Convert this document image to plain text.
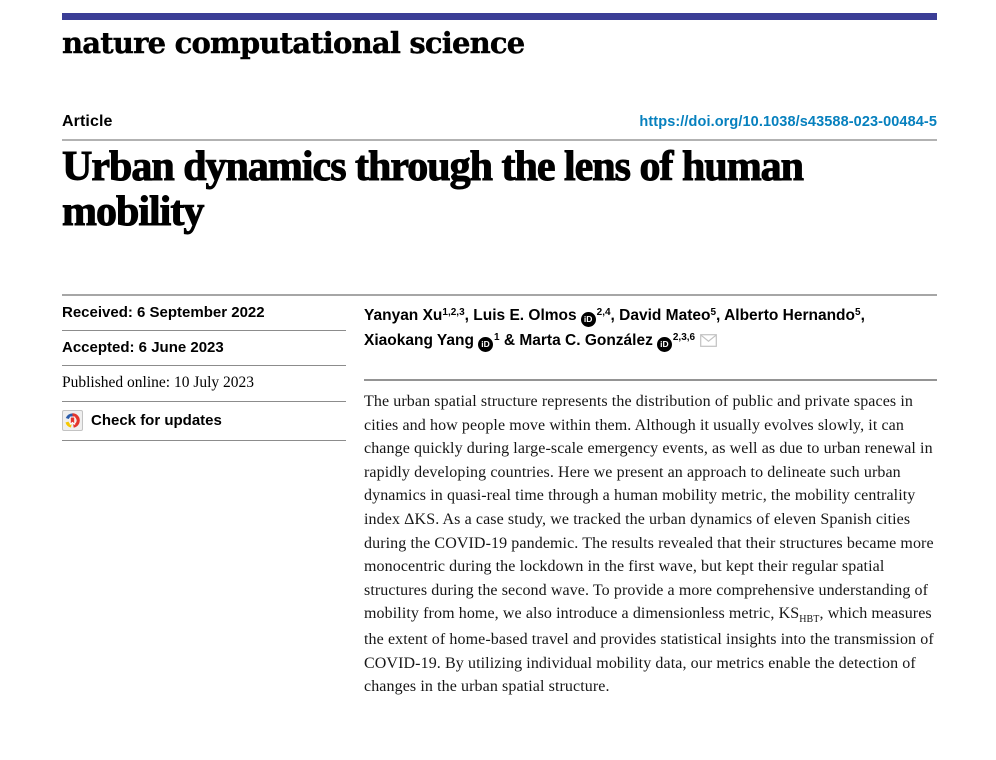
nature computational science
Article	https://doi.org/10.1038/s43588-023-00484-5
Urban dynamics through the lens of human mobility
Received: 6 September 2022
Accepted: 6 June 2023
Published online: 10 July 2023
Check for updates

Yanyan Xu$^{1,2,3}$, Luis E. Olmos iD$^{2,4}$, David Mateo$^5$, Alberto Hernando$^5$, Xiaokang Yang $iD^1$ & Marta C. González iD$^{2,3,6}$

The urban spatial structure represents the distribution of public and private spaces in cities and how people move within them. Although it usually evolves slowly, it can change quickly during large-scale emergency events, as well as due to urban renewal in rapidly developing countries. Here we present an approach to delineate such urban dynamics in quasi-real time through a human mobility metric, the mobility centrality index ΔKS. As a case study, we tracked the urban dynamics of eleven Spanish cities during the COVID-19 pandemic. The results revealed that their structures became more monocentric during the lockdown in the first wave, but kept their regular spatial structures during the second wave. To provide a more comprehensive understanding of mobility from home, we also introduce a dimensionless metric, $KS_{HBT}$, which measures the extent of home-based travel and provides statistical insights into the transmission of COVID-19. By utilizing individual mobility data, our metrics enable the detection of changes in the urban spatial structure.
